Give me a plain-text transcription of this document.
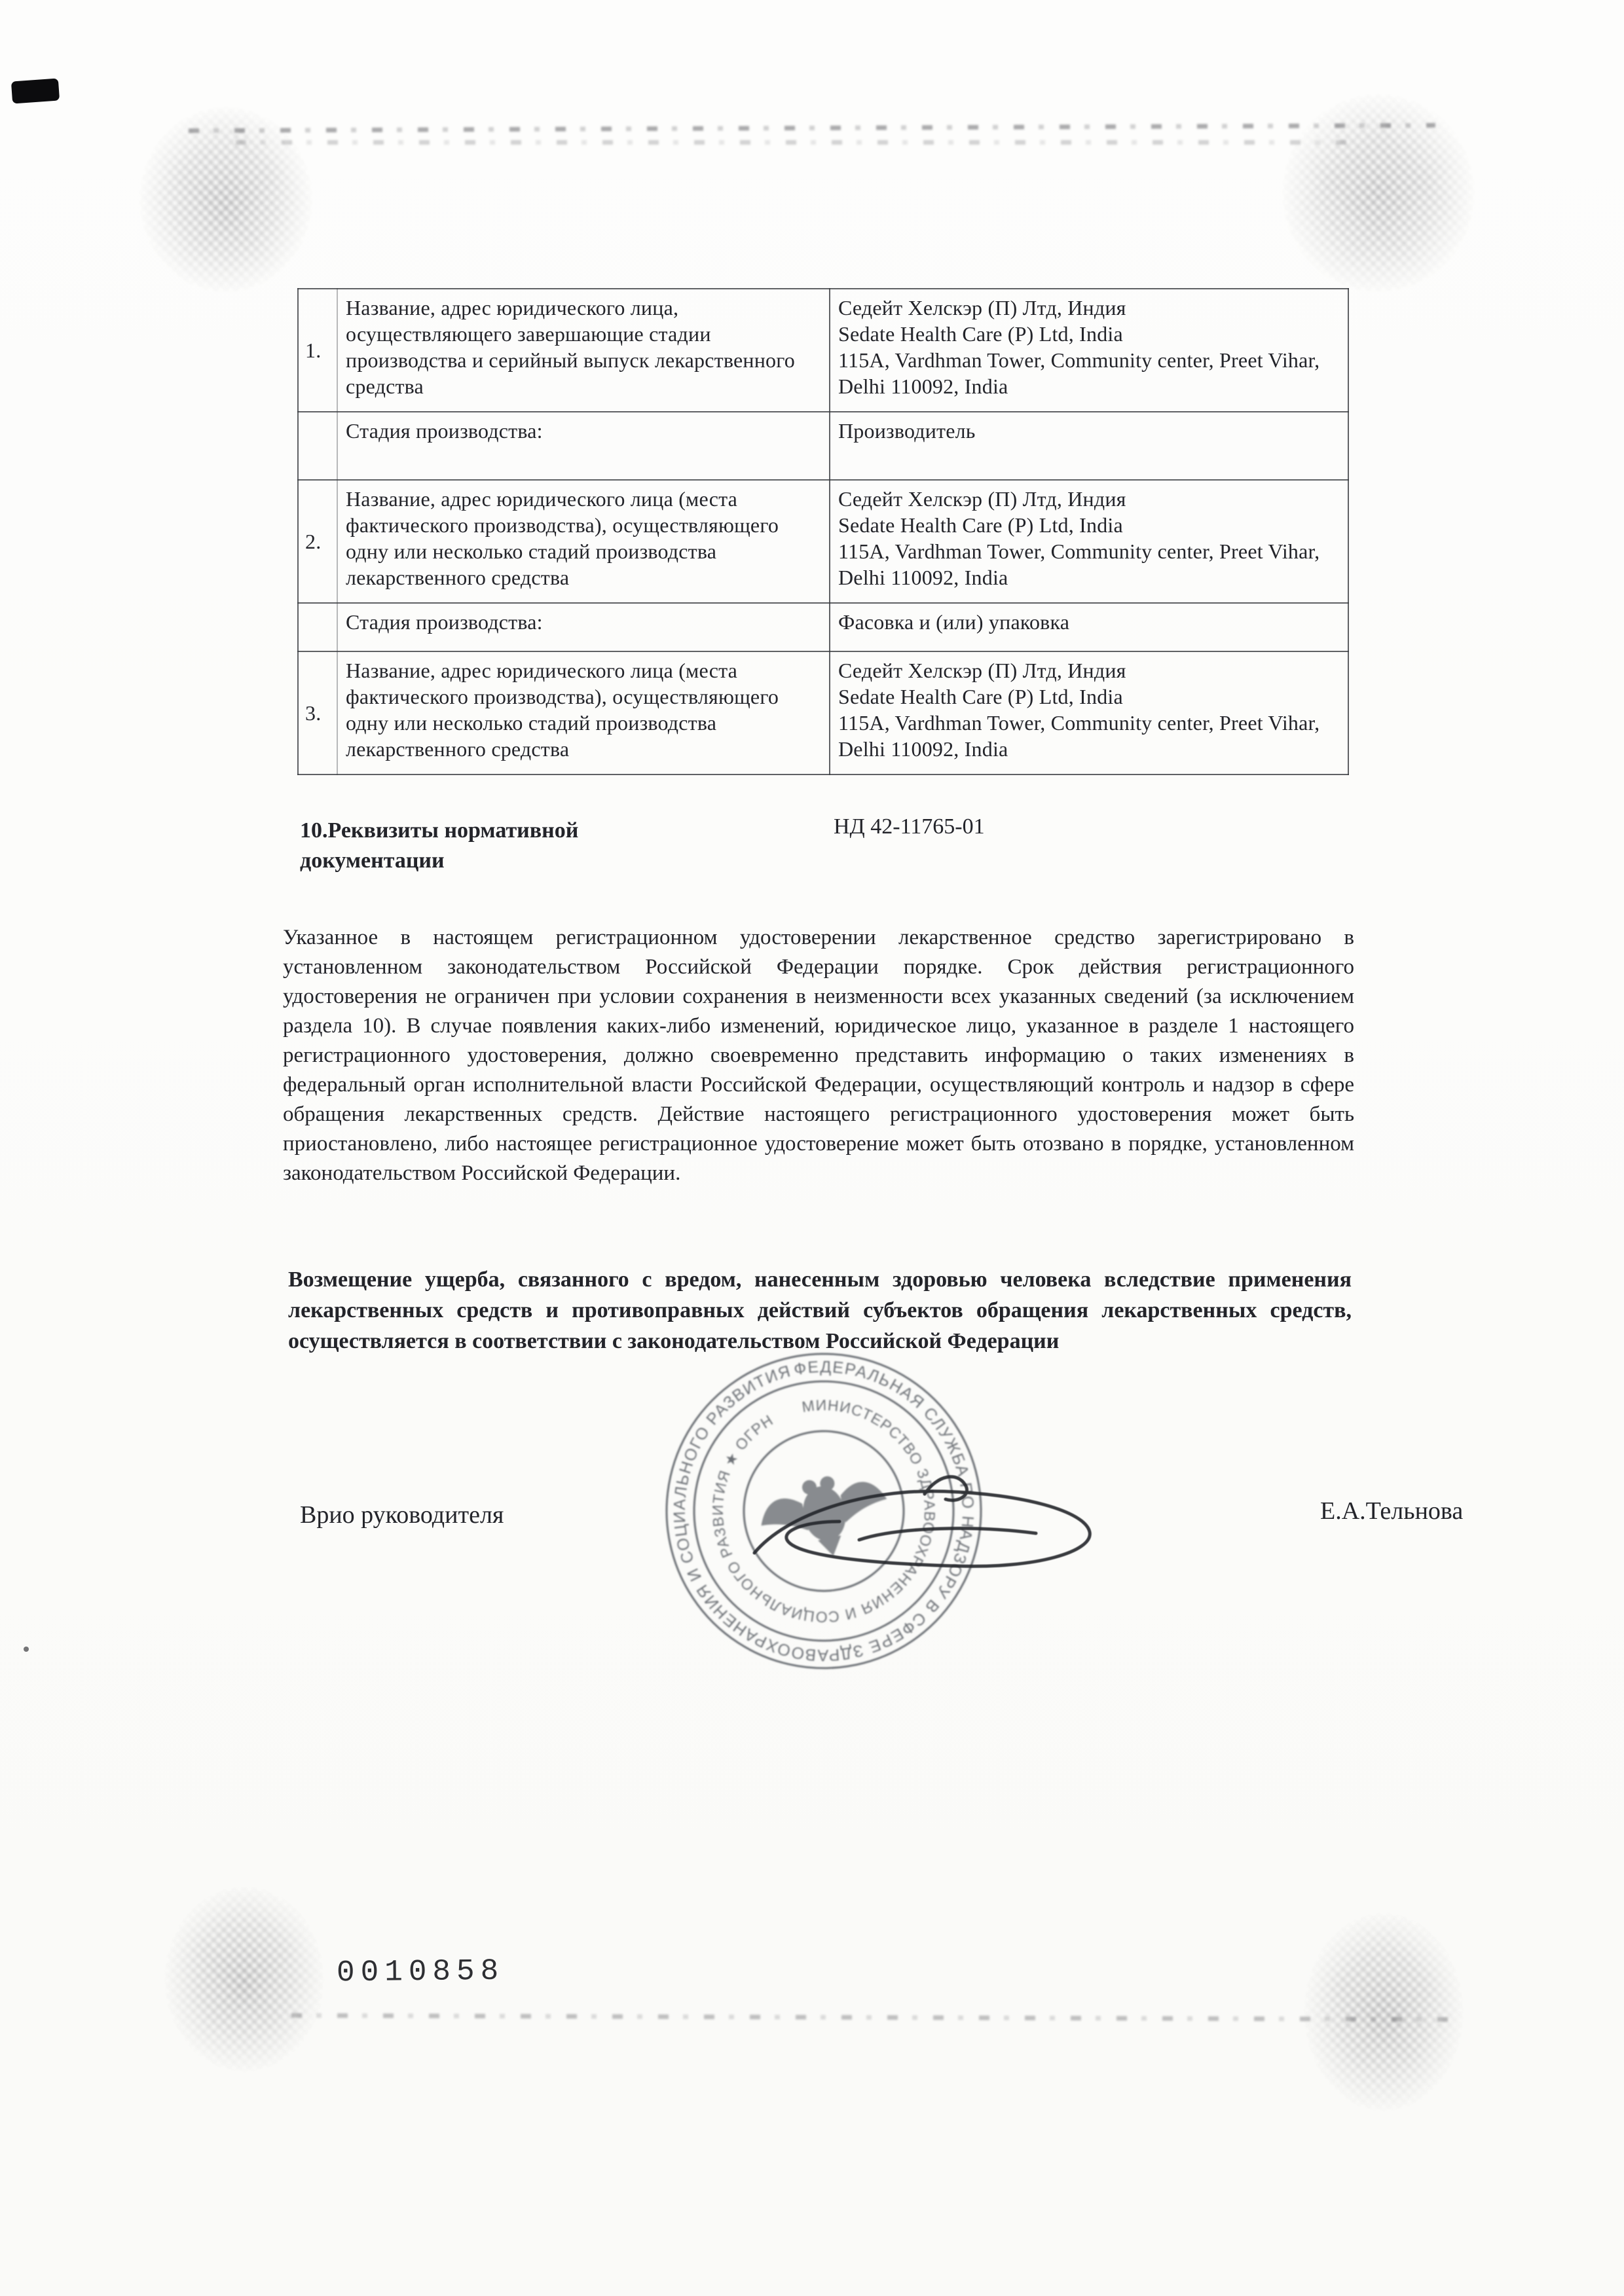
1.	Название, адрес юридического лица, осуществляющего завершающие стадии производства и серийный выпуск лекарственного средства	Седейт Хелскэр (П) Лтд, Индия
Sedate Health Care (P) Ltd, India
115A, Vardhman Tower, Community center, Preet Vihar, Delhi 110092, India

	Стадия производства:	Производитель
2.	Название, адрес юридического лица (места фактического производства), осуществляющего одну или несколько стадий производства лекарственного средства	Седейт Хелскэр (П) Лтд, Индия
Sedate Health Care (P) Ltd, India
115A, Vardhman Tower, Community center, Preet Vihar, Delhi 110092, India

	Стадия производства:	Фасовка и (или) упаковка
3.	Название, адрес юридического лица (места фактического производства), осуществляющего одну или несколько стадий производства лекарственного средства	Седейт Хелскэр (П) Лтд, Индия
Sedate Health Care (P) Ltd, India
115A, Vardhman Tower, Community center, Preet Vihar, Delhi 110092, India
10.Реквизиты нормативной документации
НД 42-11765-01
Указанное в настоящем регистрационном удостоверении лекарственное средство зарегистрировано в установленном законодательством Российской Федерации порядке. Срок действия регистрационного удостоверения не ограничен при условии сохранения в неизменности всех указанных сведений (за исключением раздела 10). В случае появления каких-либо изменений, юридическое лицо, указанное в разделе 1 настоящего регистрационного удостоверения, должно своевременно представить информацию о таких изменениях в федеральный орган исполнительной власти Российской Федерации, осуществляющий контроль и надзор в сфере обращения лекарственных средств. Действие настоящего регистрационного удостоверения может быть приостановлено, либо настоящее регистрационное удостоверение может быть отозвано в порядке, установленном законодательством Российской Федерации.
Возмещение ущерба, связанного с вредом, нанесенным здоровью человека вследствие применения лекарственных средств и противоправных действий субъектов обращения лекарственных средств, осуществляется в соответствии с законодательством Российской Федерации
Врио руководителя	Е.А.Тельнова
ФЕДЕРАЛЬНАЯ СЛУЖБА ПО НАДЗОРУ В СФЕРЕ ЗДРАВООХРАНЕНИЯ И СОЦИАЛЬНОГО РАЗВИТИЯ
МИНИСТЕРСТВО ЗДРАВООХРАНЕНИЯ И СОЦИАЛЬНОГО РАЗВИТИЯ ★ ОГРН
0010858
